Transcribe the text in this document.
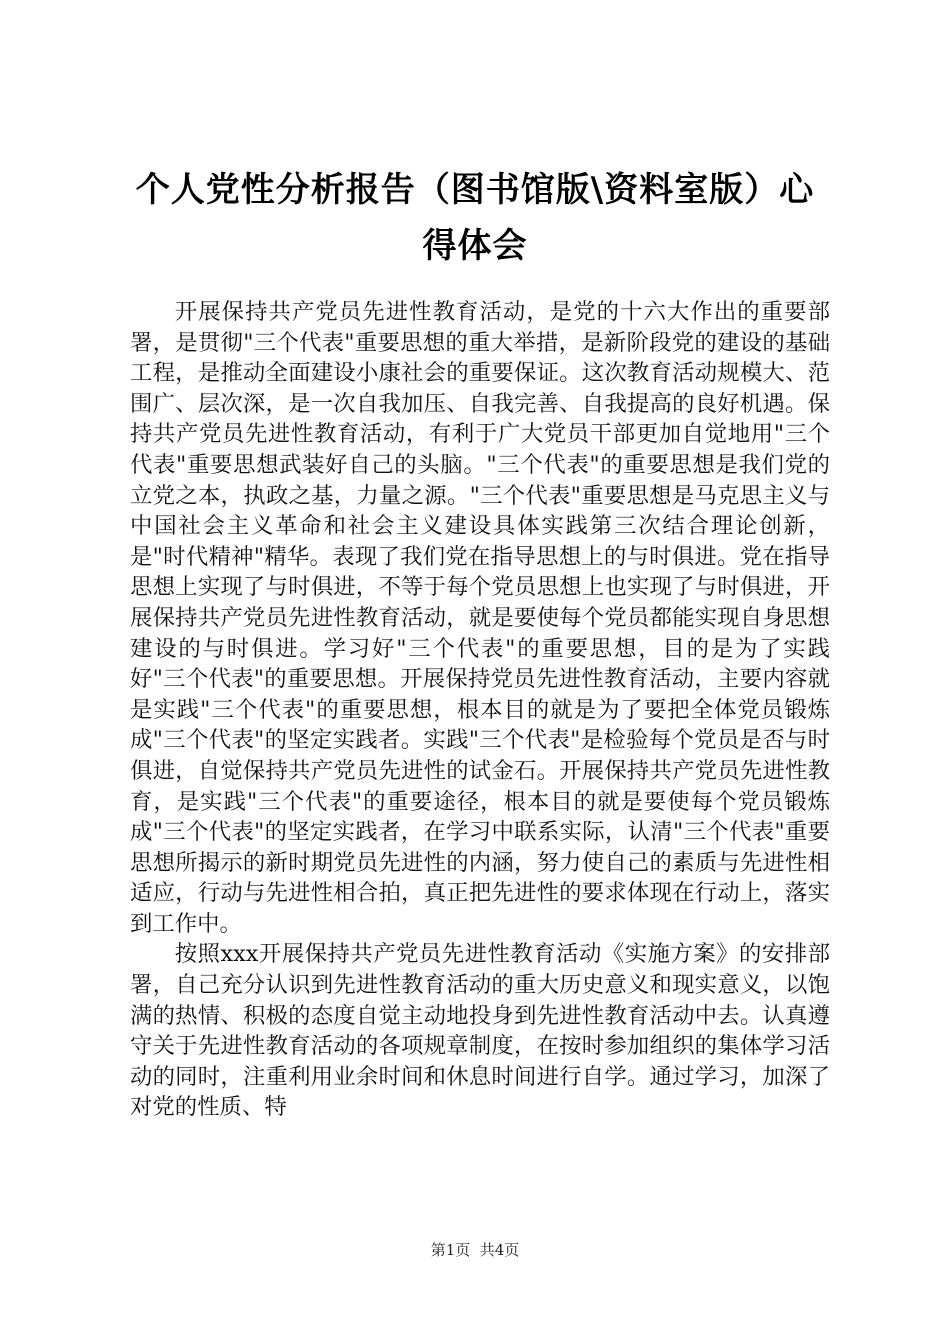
个人党性分析报告（图书馆版\资料室版）心得体会

开展保持共产党员先进性教育活动，是党的十六大作出的重要部署，是贯彻"三个代表"重要思想的重大举措，是新阶段党的建设的基础工程，是推动全面建设小康社会的重要保证。这次教育活动规模大、范围广、层次深，是一次自我加压、自我完善、自我提高的良好机遇。保持共产党员先进性教育活动，有利于广大党员干部更加自觉地用"三个代表"重要思想武装好自己的头脑。"三个代表"的重要思想是我们党的立党之本，执政之基，力量之源。"三个代表"重要思想是马克思主义与中国社会主义革命和社会主义建设具体实践第三次结合理论创新，是"时代精神"精华。表现了我们党在指导思想上的与时俱进。党在指导思想上实现了与时俱进，不等于每个党员思想上也实现了与时俱进，开展保持共产党员先进性教育活动，就是要使每个党员都能实现自身思想建设的与时俱进。学习好"三个代表"的重要思想，目的是为了实践好"三个代表"的重要思想。开展保持党员先进性教育活动，主要内容就是实践"三个代表"的重要思想，根本目的就是为了要把全体党员锻炼成"三个代表"的坚定实践者。实践"三个代表"是检验每个党员是否与时俱进，自觉保持共产党员先进性的试金石。开展保持共产党员先进性教育，是实践"三个代表"的重要途径，根本目的就是要使每个党员锻炼成"三个代表"的坚定实践者，在学习中联系实际，认清"三个代表"重要思想所揭示的新时期党员先进性的内涵，努力使自己的素质与先进性相适应，行动与先进性相合拍，真正把先进性的要求体现在行动上，落实到工作中。

按照xxx开展保持共产党员先进性教育活动《实施方案》的安排部署，自己充分认识到先进性教育活动的重大历史意义和现实意义，以饱满的热情、积极的态度自觉主动地投身到先进性教育活动中去。认真遵守关于先进性教育活动的各项规章制度，在按时参加组织的集体学习活动的同时，注重利用业余时间和休息时间进行自学。通过学习，加深了对党的性质、特

第1页  共4页
